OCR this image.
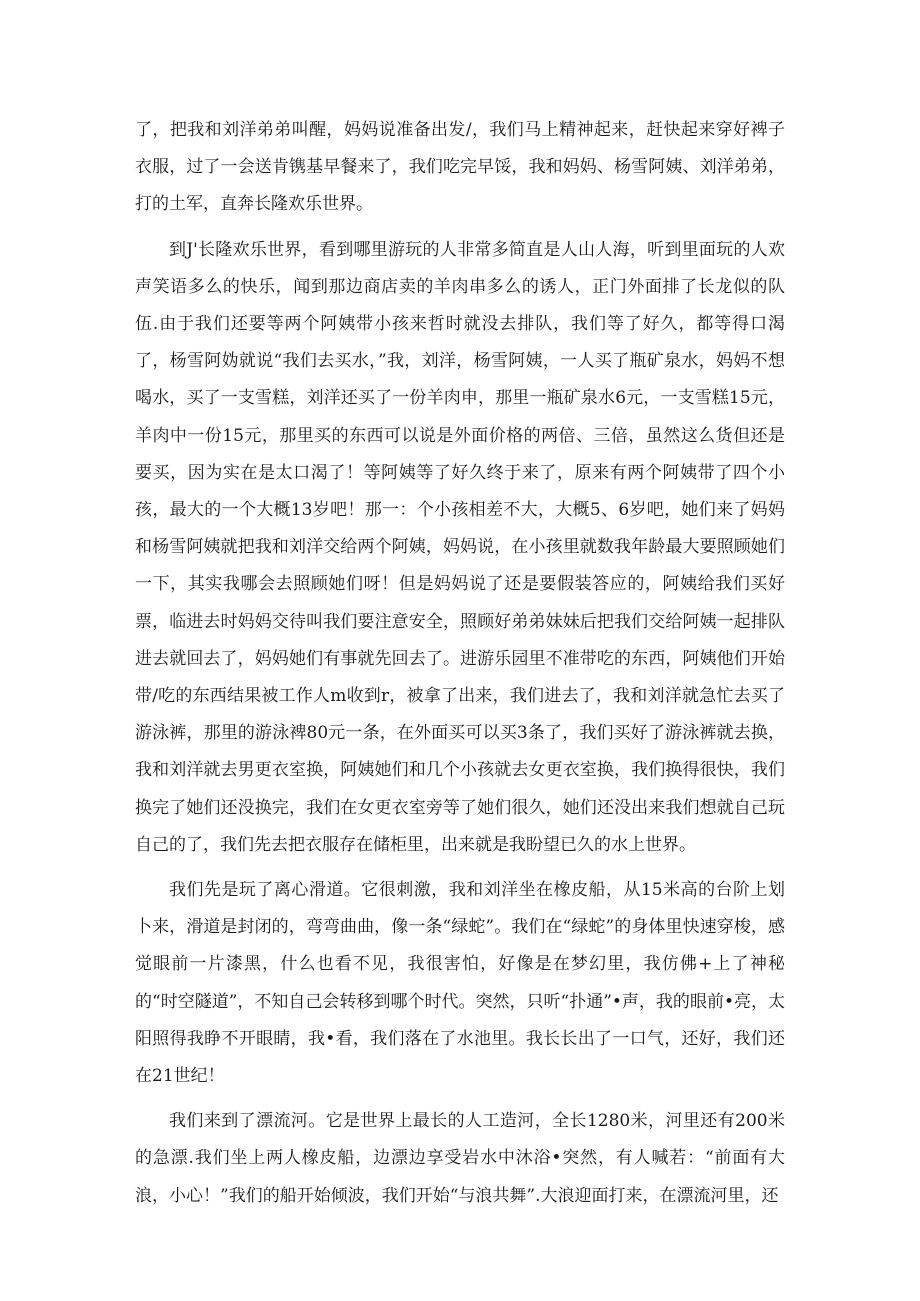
了，把我和刘洋弟弟叫醒，妈妈说准备出发/，我们马上精神起来，赶快起来穿好裨子衣服，过了一会送肯镌基早餐来了，我们吃完早馁，我和妈妈、杨雪阿姨、刘洋弟弟，打的土军，直奔长隆欢乐世界。

到J'长隆欢乐世界，看到哪里游玩的人非常多简直是人山人海，听到里面玩的人欢声笑语多么的快乐，闻到那边商店卖的羊肉串多么的诱人，正门外面排了长龙似的队伍.由于我们还要等两个阿姨带小孩来哲时就没去排队，我们等了好久，都等得口渴了，杨雪阿妫就说“我们去买水，”我，刘洋，杨雪阿姨，一人买了瓶矿泉水，妈妈不想喝水，买了一支雪糕，刘洋还买了一份羊肉申，那里一瓶矿泉水6元，一支雪糕15元，羊肉中一份15元，那里买的东西可以说是外面价格的两倍、三倍，虽然这么货但还是要买，因为实在是太口渴了！等阿姨等了好久终于来了，原来有两个阿姨带了四个小孩，最大的一个大概13岁吧！那一：个小孩相差不大，大概5、6岁吧，她们来了妈妈和杨雪阿姨就把我和刘洋交给两个阿姨，妈妈说，在小孩里就数我年龄最大要照顾她们一下，其实我哪会去照顾她们呀！但是妈妈说了还是要假装答应的，阿姨给我们买好票，临进去时妈妈交待叫我们要注意安全，照顾好弟弟妹妹后把我们交给阿姨一起排队进去就回去了，妈妈她们有事就先回去了。进游乐园里不准带吃的东西，阿姨他们开始带/吃的东西结果被工作人m收到r，被拿了出来，我们进去了，我和刘洋就急忙去买了游泳裤，那里的游泳裨80元一条，在外面买可以买3条了，我们买好了游泳裤就去换，我和刘洋就去男更衣室换，阿姨她们和几个小孩就去女更衣室换，我们换得很快，我们换完了她们还没换完，我们在女更衣室旁等了她们很久，她们还没出来我们想就自己玩自己的了，我们先去把衣服存在储柜里，出来就是我盼望已久的水上世界。

我们先是玩了离心滑道。它很刺激，我和刘洋坐在橡皮船，从15米高的台阶上划卜来，滑道是封闭的，弯弯曲曲，像一条“绿蛇”。我们在“绿蛇”的身体里快速穿梭，感觉眼前一片漆黑，什么也看不见，我很害怕，好像是在梦幻里，我仿佛+上了神秘的“时空隧道”，不知自己会转移到哪个时代。突然，只听“扑通”•声，我的眼前•亮，太阳照得我睁不开眼睛，我•看，我们落在了水池里。我长长出了一口气，还好，我们还在21世纪！

我们来到了漂流河。它是世界上最长的人工造河，全长1280米，河里还有200米的急漂.我们坐上两人橡皮船，边漂边享受岩水中沐浴•突然，有人喊若：“前面有大浪，小心！”我们的船开始倾波，我们开始“与浪共舞”.大浪迎面打来，在漂流河里，还
